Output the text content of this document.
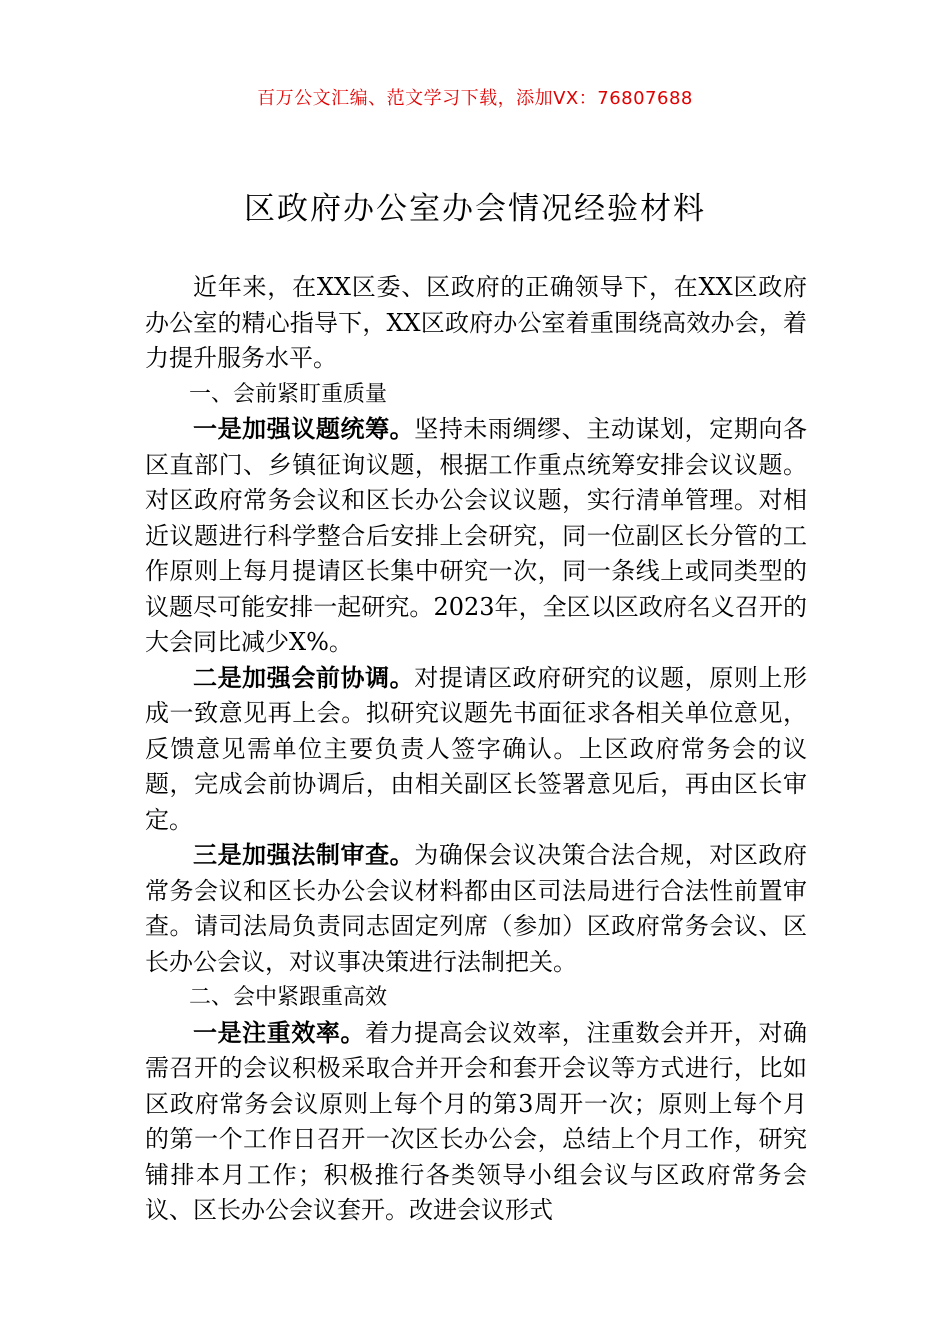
百万公文汇编、范文学习下载，添加VX：76807688
区政府办公室办会情况经验材料

近年来，在XX区委、区政府的正确领导下，在XX区政府办公室的精心指导下，XX区政府办公室着重围绕高效办会，着力提升服务水平。

一、会前紧盯重质量

一是加强议题统筹。坚持未雨绸缪、主动谋划，定期向各区直部门、乡镇征询议题，根据工作重点统筹安排会议议题。对区政府常务会议和区长办公会议议题，实行清单管理。对相近议题进行科学整合后安排上会研究，同一位副区长分管的工作原则上每月提请区长集中研究一次，同一条线上或同类型的议题尽可能安排一起研究。2023年，全区以区政府名义召开的大会同比减少X%。

二是加强会前协调。对提请区政府研究的议题，原则上形成一致意见再上会。拟研究议题先书面征求各相关单位意见，反馈意见需单位主要负责人签字确认。上区政府常务会的议题，完成会前协调后，由相关副区长签署意见后，再由区长审定。

三是加强法制审查。为确保会议决策合法合规，对区政府常务会议和区长办公会议材料都由区司法局进行合法性前置审查。请司法局负责同志固定列席（参加）区政府常务会议、区长办公会议，对议事决策进行法制把关。

二、会中紧跟重高效

一是注重效率。着力提高会议效率，注重数会并开，对确需召开的会议积极采取合并开会和套开会议等方式进行，比如区政府常务会议原则上每个月的第3周开一次；原则上每个月的第一个工作日召开一次区长办公会，总结上个月工作，研究铺排本月工作；积极推行各类领导小组会议与区政府常务会议、区长办公会议套开。改进会议形式
